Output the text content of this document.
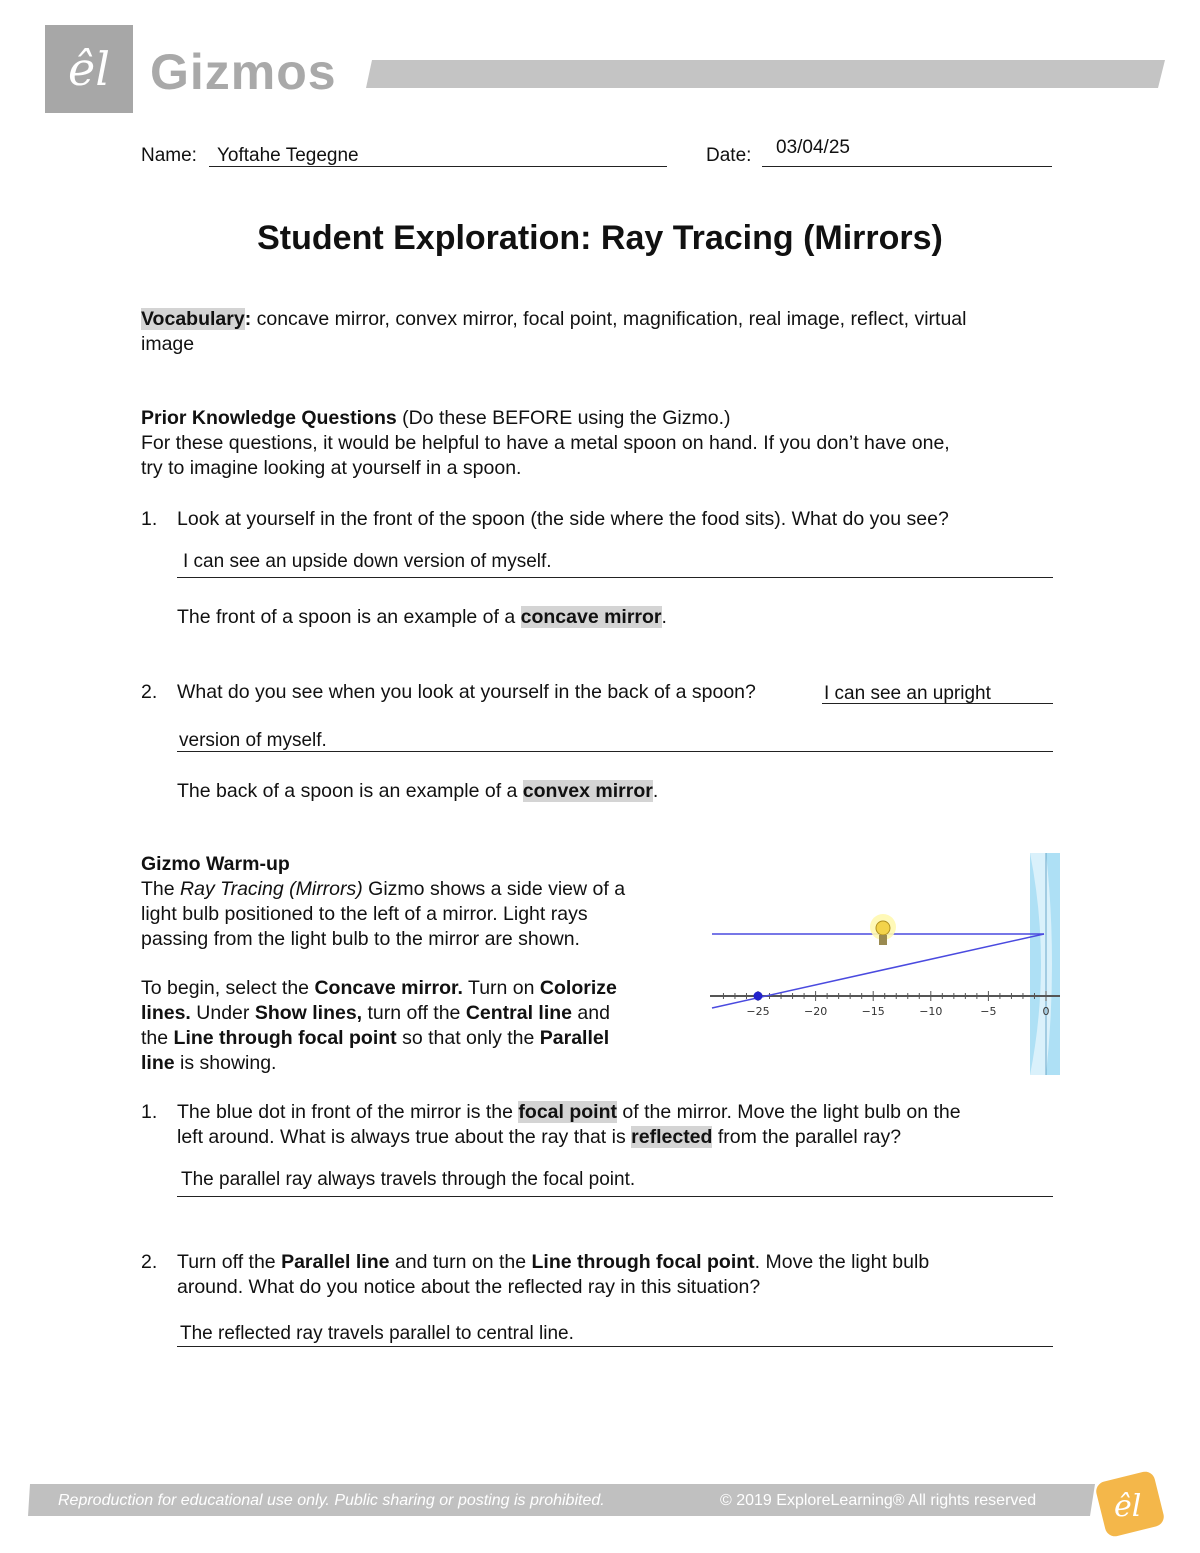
êl Gizmos
Name: Yoftahe Tegegne	Date: 03/04/25
Student Exploration: Ray Tracing (Mirrors)
Vocabulary: concave mirror, convex mirror, focal point, magnification, real image, reflect, virtual
image
Prior Knowledge Questions (Do these BEFORE using the Gizmo.)
For these questions, it would be helpful to have a metal spoon on hand. If you don’t have one,
try to imagine looking at yourself in a spoon.
1. Look at yourself in the front of the spoon (the side where the food sits). What do you see?
I can see an upside down version of myself.
The front of a spoon is an example of a concave mirror.
2. What do you see when you look at yourself in the back of a spoon?	I can see an upright
version of myself.
The back of a spoon is an example of a convex mirror.
Gizmo Warm-up
The Ray Tracing (Mirrors) Gizmo shows a side view of a
light bulb positioned to the left of a mirror. Light rays
passing from the light bulb to the mirror are shown.
To begin, select the Concave mirror. Turn on Colorize
lines. Under Show lines, turn off the Central line and
the Line through focal point so that only the Parallel
line is showing.
−25	−20	−15	−10	−5	0
1. The blue dot in front of the mirror is the focal point of the mirror. Move the light bulb on the
left around. What is always true about the ray that is reflected from the parallel ray?
The parallel ray always travels through the focal point.
2. Turn off the Parallel line and turn on the Line through focal point. Move the light bulb
around. What do you notice about the reflected ray in this situation?
The reflected ray travels parallel to central line.
êl
Reproduction for educational use only. Public sharing or posting is prohibited.	© 2019 ExploreLearning® All rights reserved
